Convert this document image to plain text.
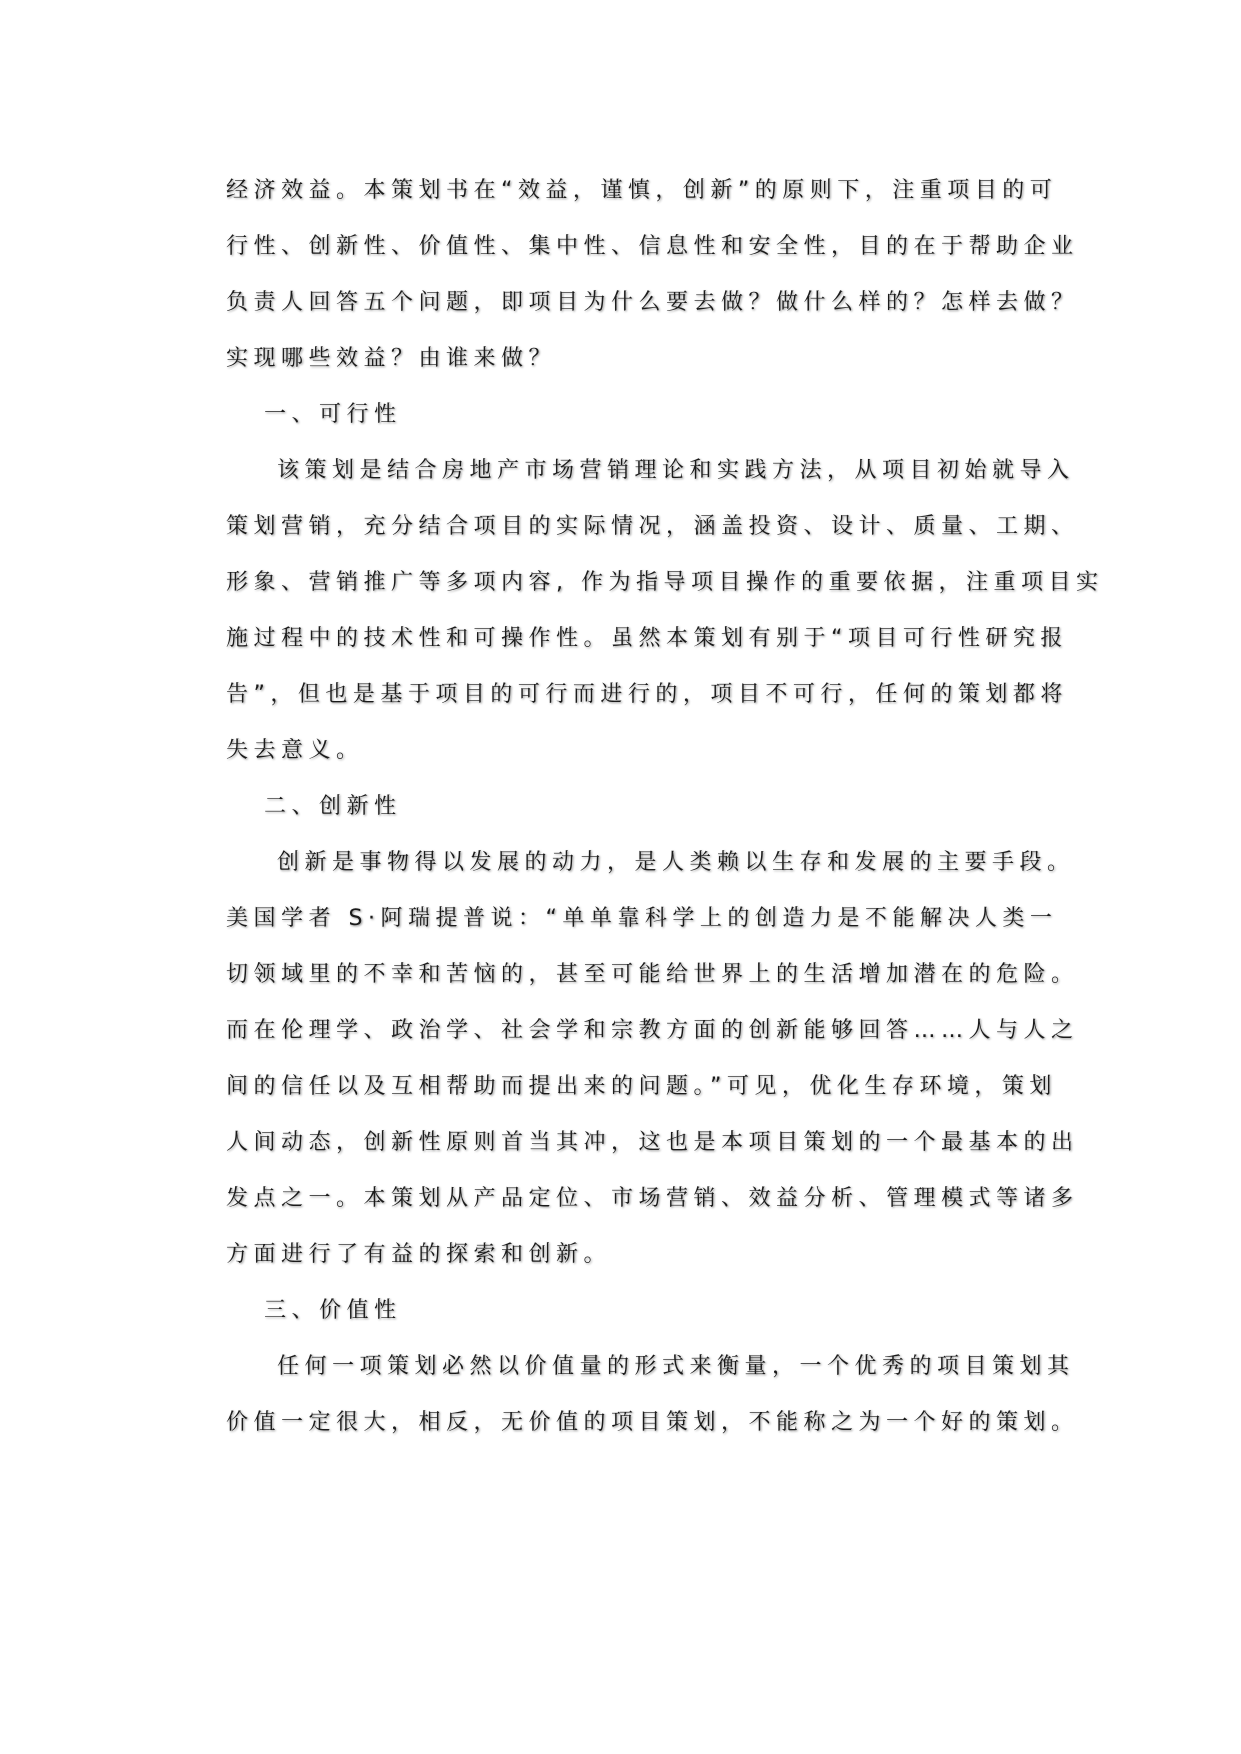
经济效益。本策划书在“效益，谨慎，创新”的原则下，注重项目的可
行性、创新性、价值性、集中性、信息性和安全性，目的在于帮助企业
负责人回答五个问题，即项目为什么要去做？做什么样的？怎样去做？
实现哪些效益？由谁来做？
一、可行性
该策划是结合房地产市场营销理论和实践方法，从项目初始就导入
策划营销，充分结合项目的实际情况，涵盖投资、设计、质量、工期、
形象、营销推广等多项内容, 作为指导项目操作的重要依据，注重项目实
施过程中的技术性和可操作性。虽然本策划有别于“项目可行性研究报
告”，但也是基于项目的可行而进行的，项目不可行，任何的策划都将
失去意义。
二、创新性
创新是事物得以发展的动力，是人类赖以生存和发展的主要手段。
美国学者 S·阿瑞提普说：“单单靠科学上的创造力是不能解决人类一
切领域里的不幸和苦恼的，甚至可能给世界上的生活增加潜在的危险。
而在伦理学、政治学、社会学和宗教方面的创新能够回答……人与人之
间的信任以及互相帮助而提出来的问题。”可见，优化生存环境，策划
人间动态，创新性原则首当其冲，这也是本项目策划的一个最基本的出
发点之一。本策划从产品定位、市场营销、效益分析、管理模式等诸多
方面进行了有益的探索和创新。
三、价值性
任何一项策划必然以价值量的形式来衡量，一个优秀的项目策划其
价值一定很大，相反，无价值的项目策划，不能称之为一个好的策划。
